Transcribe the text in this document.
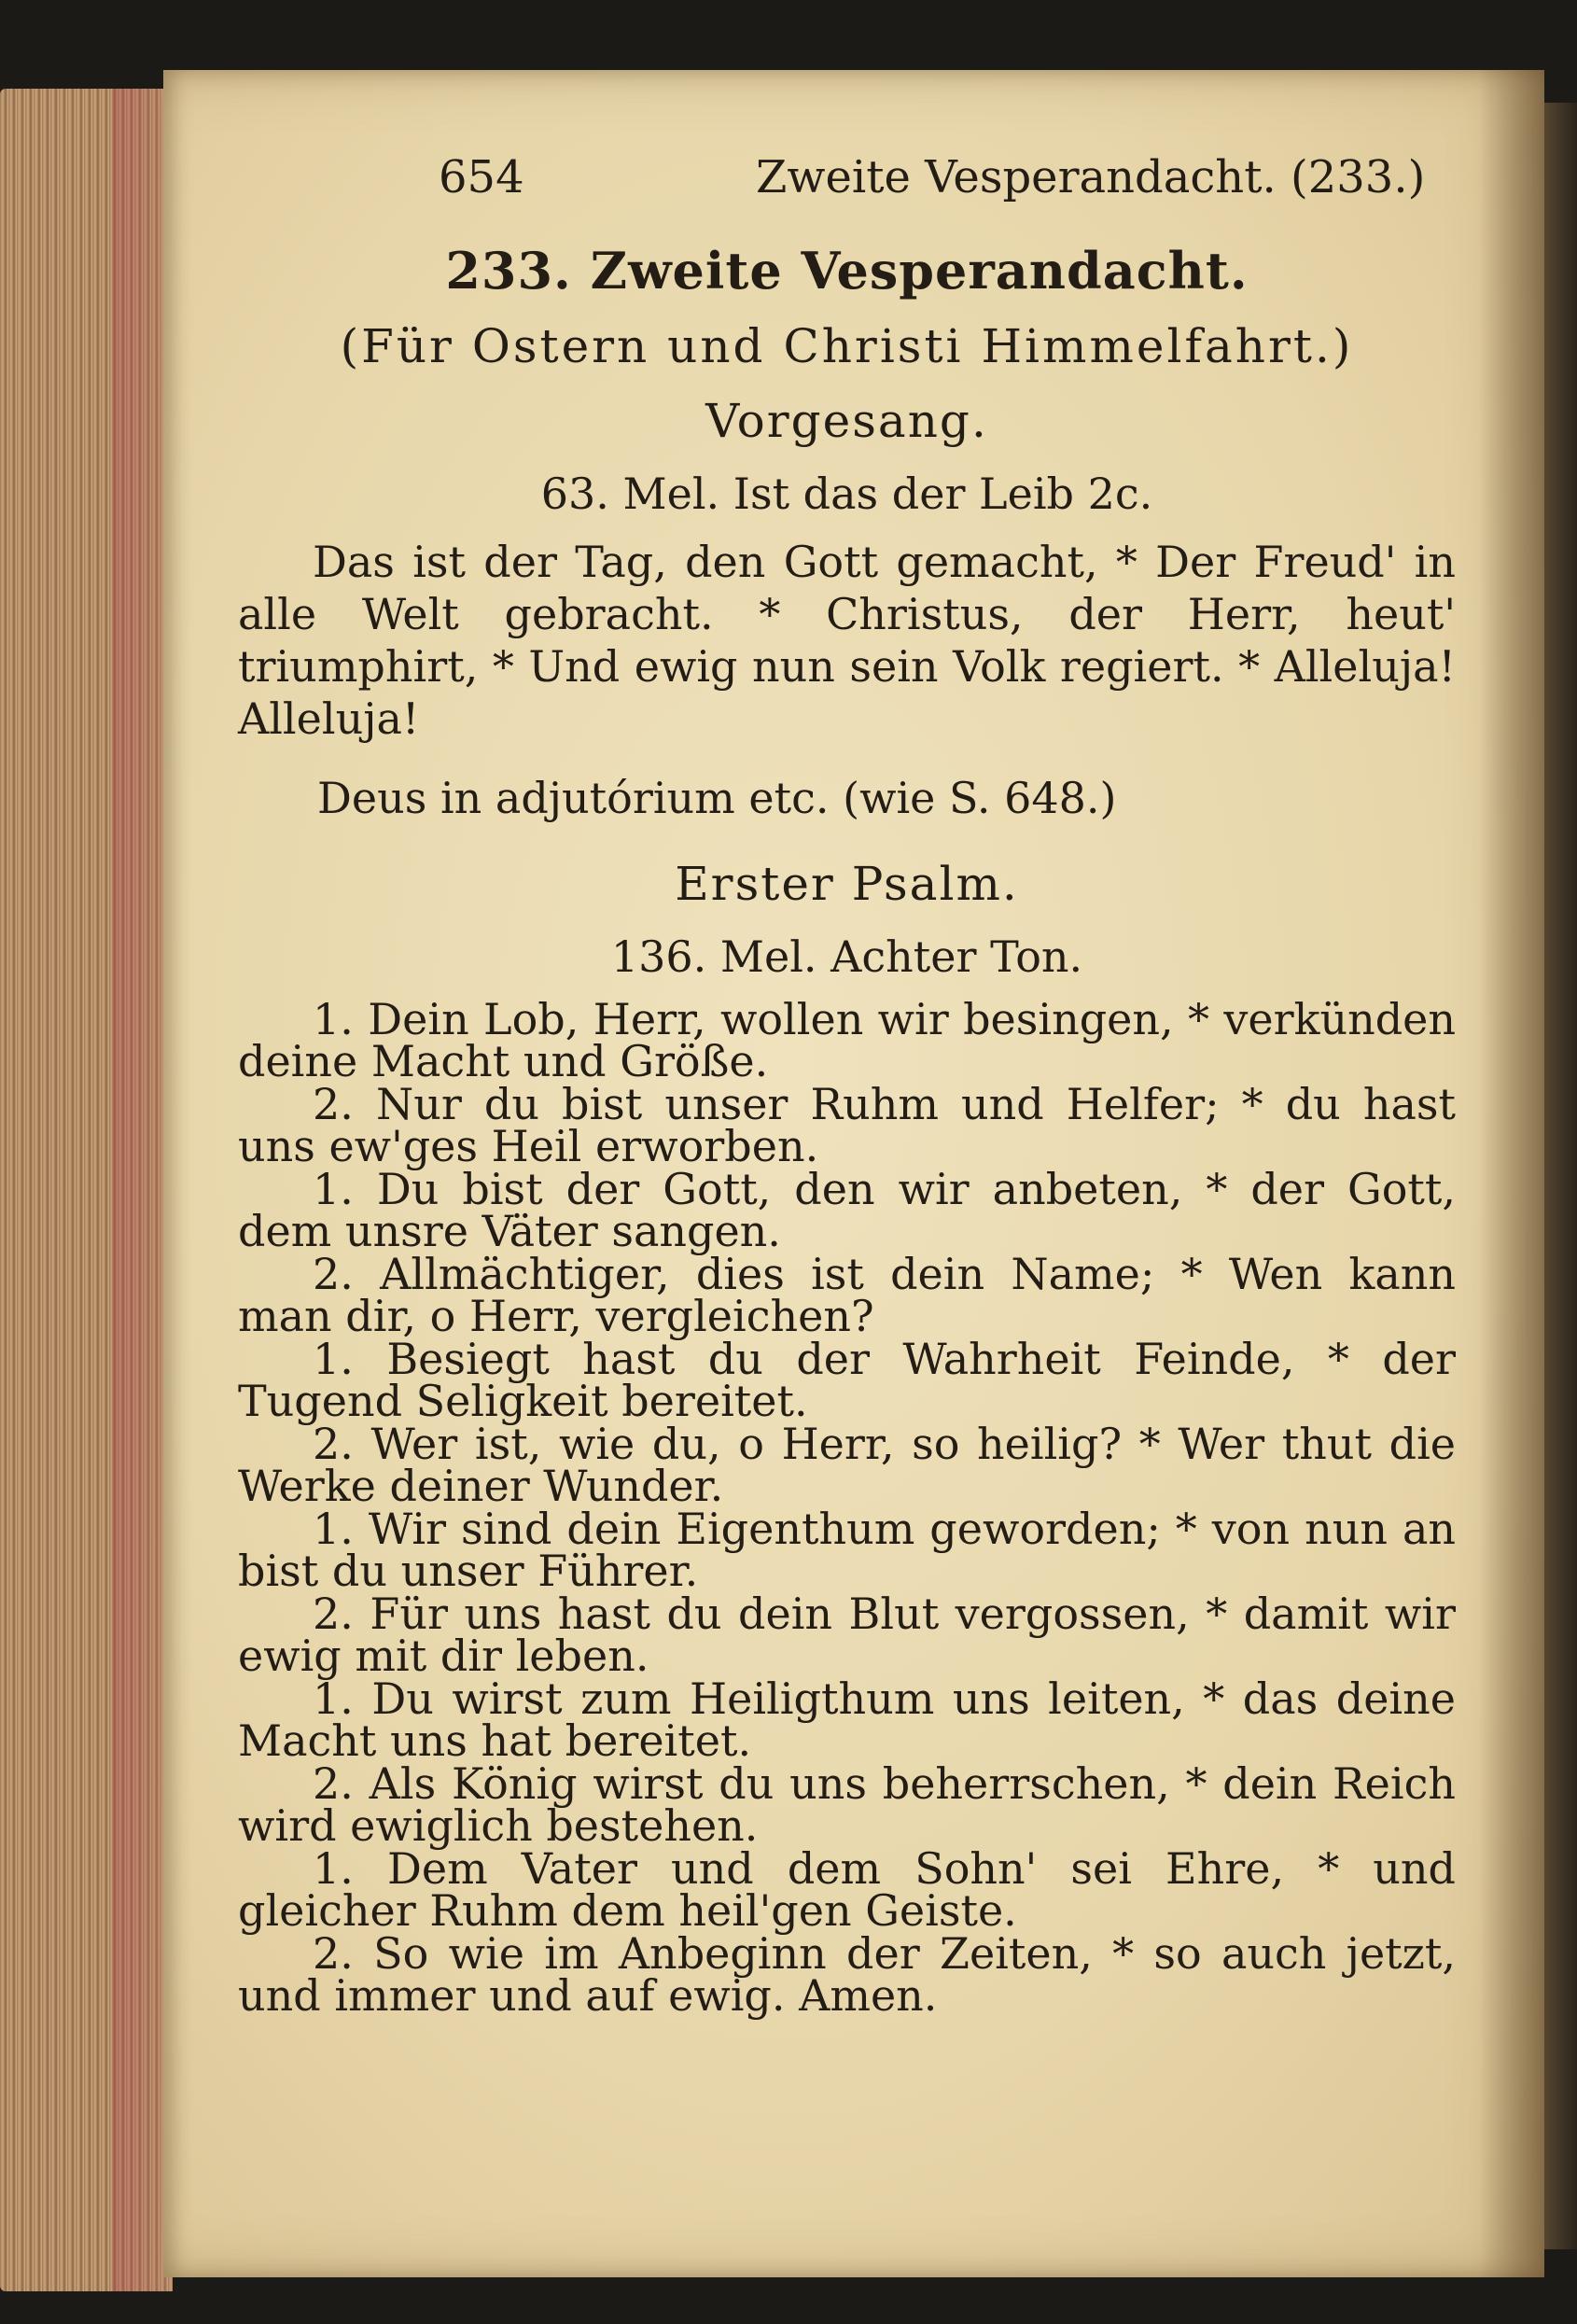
654	Zweite Vesperandacht. (233.)
233. Zweite Vesperandacht.
(Für Ostern und Christi Himmelfahrt.)
Vorgesang.
63. Mel. Ist das der Leib 2c.
Das ist der Tag, den Gott gemacht, * Der Freud' in alle Welt gebracht. * Christus, der Herr, heut' triumphirt, * Und ewig nun sein Volk regiert. * Alleluja! Alleluja!
Deus in adjutórium etc. (wie S. 648.)
Erster Psalm.
136. Mel. Achter Ton.

1. Dein Lob, Herr, wollen wir besingen, * verkünden deine Macht und Größe.

2. Nur du bist unser Ruhm und Helfer; * du hast uns ew'ges Heil erworben.

1. Du bist der Gott, den wir anbeten, * der Gott, dem unsre Väter sangen.

2. Allmächtiger, dies ist dein Name; * Wen kann man dir, o Herr, vergleichen?

1. Besiegt hast du der Wahrheit Feinde, * der Tugend Seligkeit bereitet.

2. Wer ist, wie du, o Herr, so heilig? * Wer thut die Werke deiner Wunder.

1. Wir sind dein Eigenthum geworden; * von nun an bist du unser Führer.

2. Für uns hast du dein Blut vergossen, * damit wir ewig mit dir leben.

1. Du wirst zum Heiligthum uns leiten, * das deine Macht uns hat bereitet.

2. Als König wirst du uns beherrschen, * dein Reich wird ewiglich bestehen.

1. Dem Vater und dem Sohn' sei Ehre, * und gleicher Ruhm dem heil'gen Geiste.

2. So wie im Anbeginn der Zeiten, * so auch jetzt, und immer und auf ewig. Amen.
